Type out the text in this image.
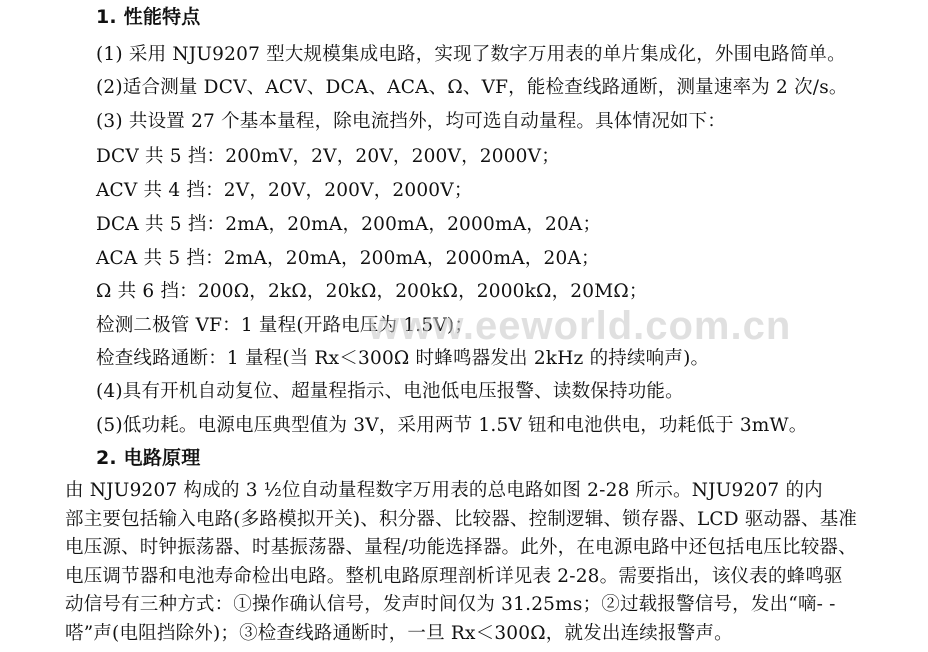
1. 性能特点
(1) 采用 NJU9207 型大规模集成电路，实现了数字万用表的单片集成化，外围电路简单。
(2)适合测量 DCV、ACV、DCA、ACA、Ω、VF，能检查线路通断，测量速率为 2 次/s。
(3) 共设置 27 个基本量程，除电流挡外，均可选自动量程。具体情况如下：
DCV 共 5 挡：200mV，2V，20V，200V，2000V；
ACV 共 4 挡：2V，20V，200V，2000V；
DCA 共 5 挡：2mA，20mA，200mA，2000mA，20A；
ACA 共 5 挡：2mA，20mA，200mA，2000mA，20A；
Ω 共 6 挡：200Ω，2kΩ，20kΩ，200kΩ，2000kΩ，20MΩ；
检测二极管 VF：1 量程(开路电压为 1.5V)；
检查线路通断：1 量程(当 Rx＜300Ω 时蜂鸣器发出 2kHz 的持续响声)。
(4)具有开机自动复位、超量程指示、电池低电压报警、读数保持功能。
(5)低功耗。电源电压典型值为 3V，采用两节 1.5V 钮和电池供电，功耗低于 3mW。
2. 电路原理
由 NJU9207 构成的 3 ½位自动量程数字万用表的总电路如图 2-28 所示。NJU9207 的内
部主要包括输入电路(多路模拟开关)、积分器、比较器、控制逻辑、锁存器、LCD 驱动器、基准
电压源、时钟振荡器、时基振荡器、量程/功能选择器。此外，在电源电路中还包括电压比较器、
电压调节器和电池寿命检出电路。整机电路原理剖析详见表 2-28。需要指出，该仪表的蜂鸣驱
动信号有三种方式：①操作确认信号，发声时间仅为 31.25ms；②过载报警信号，发出“嘀- -
www.eeworld.com.cn
嗒”声(电阻挡除外)；③检查线路通断时，一旦 Rx＜300Ω，就发出连续报警声。
